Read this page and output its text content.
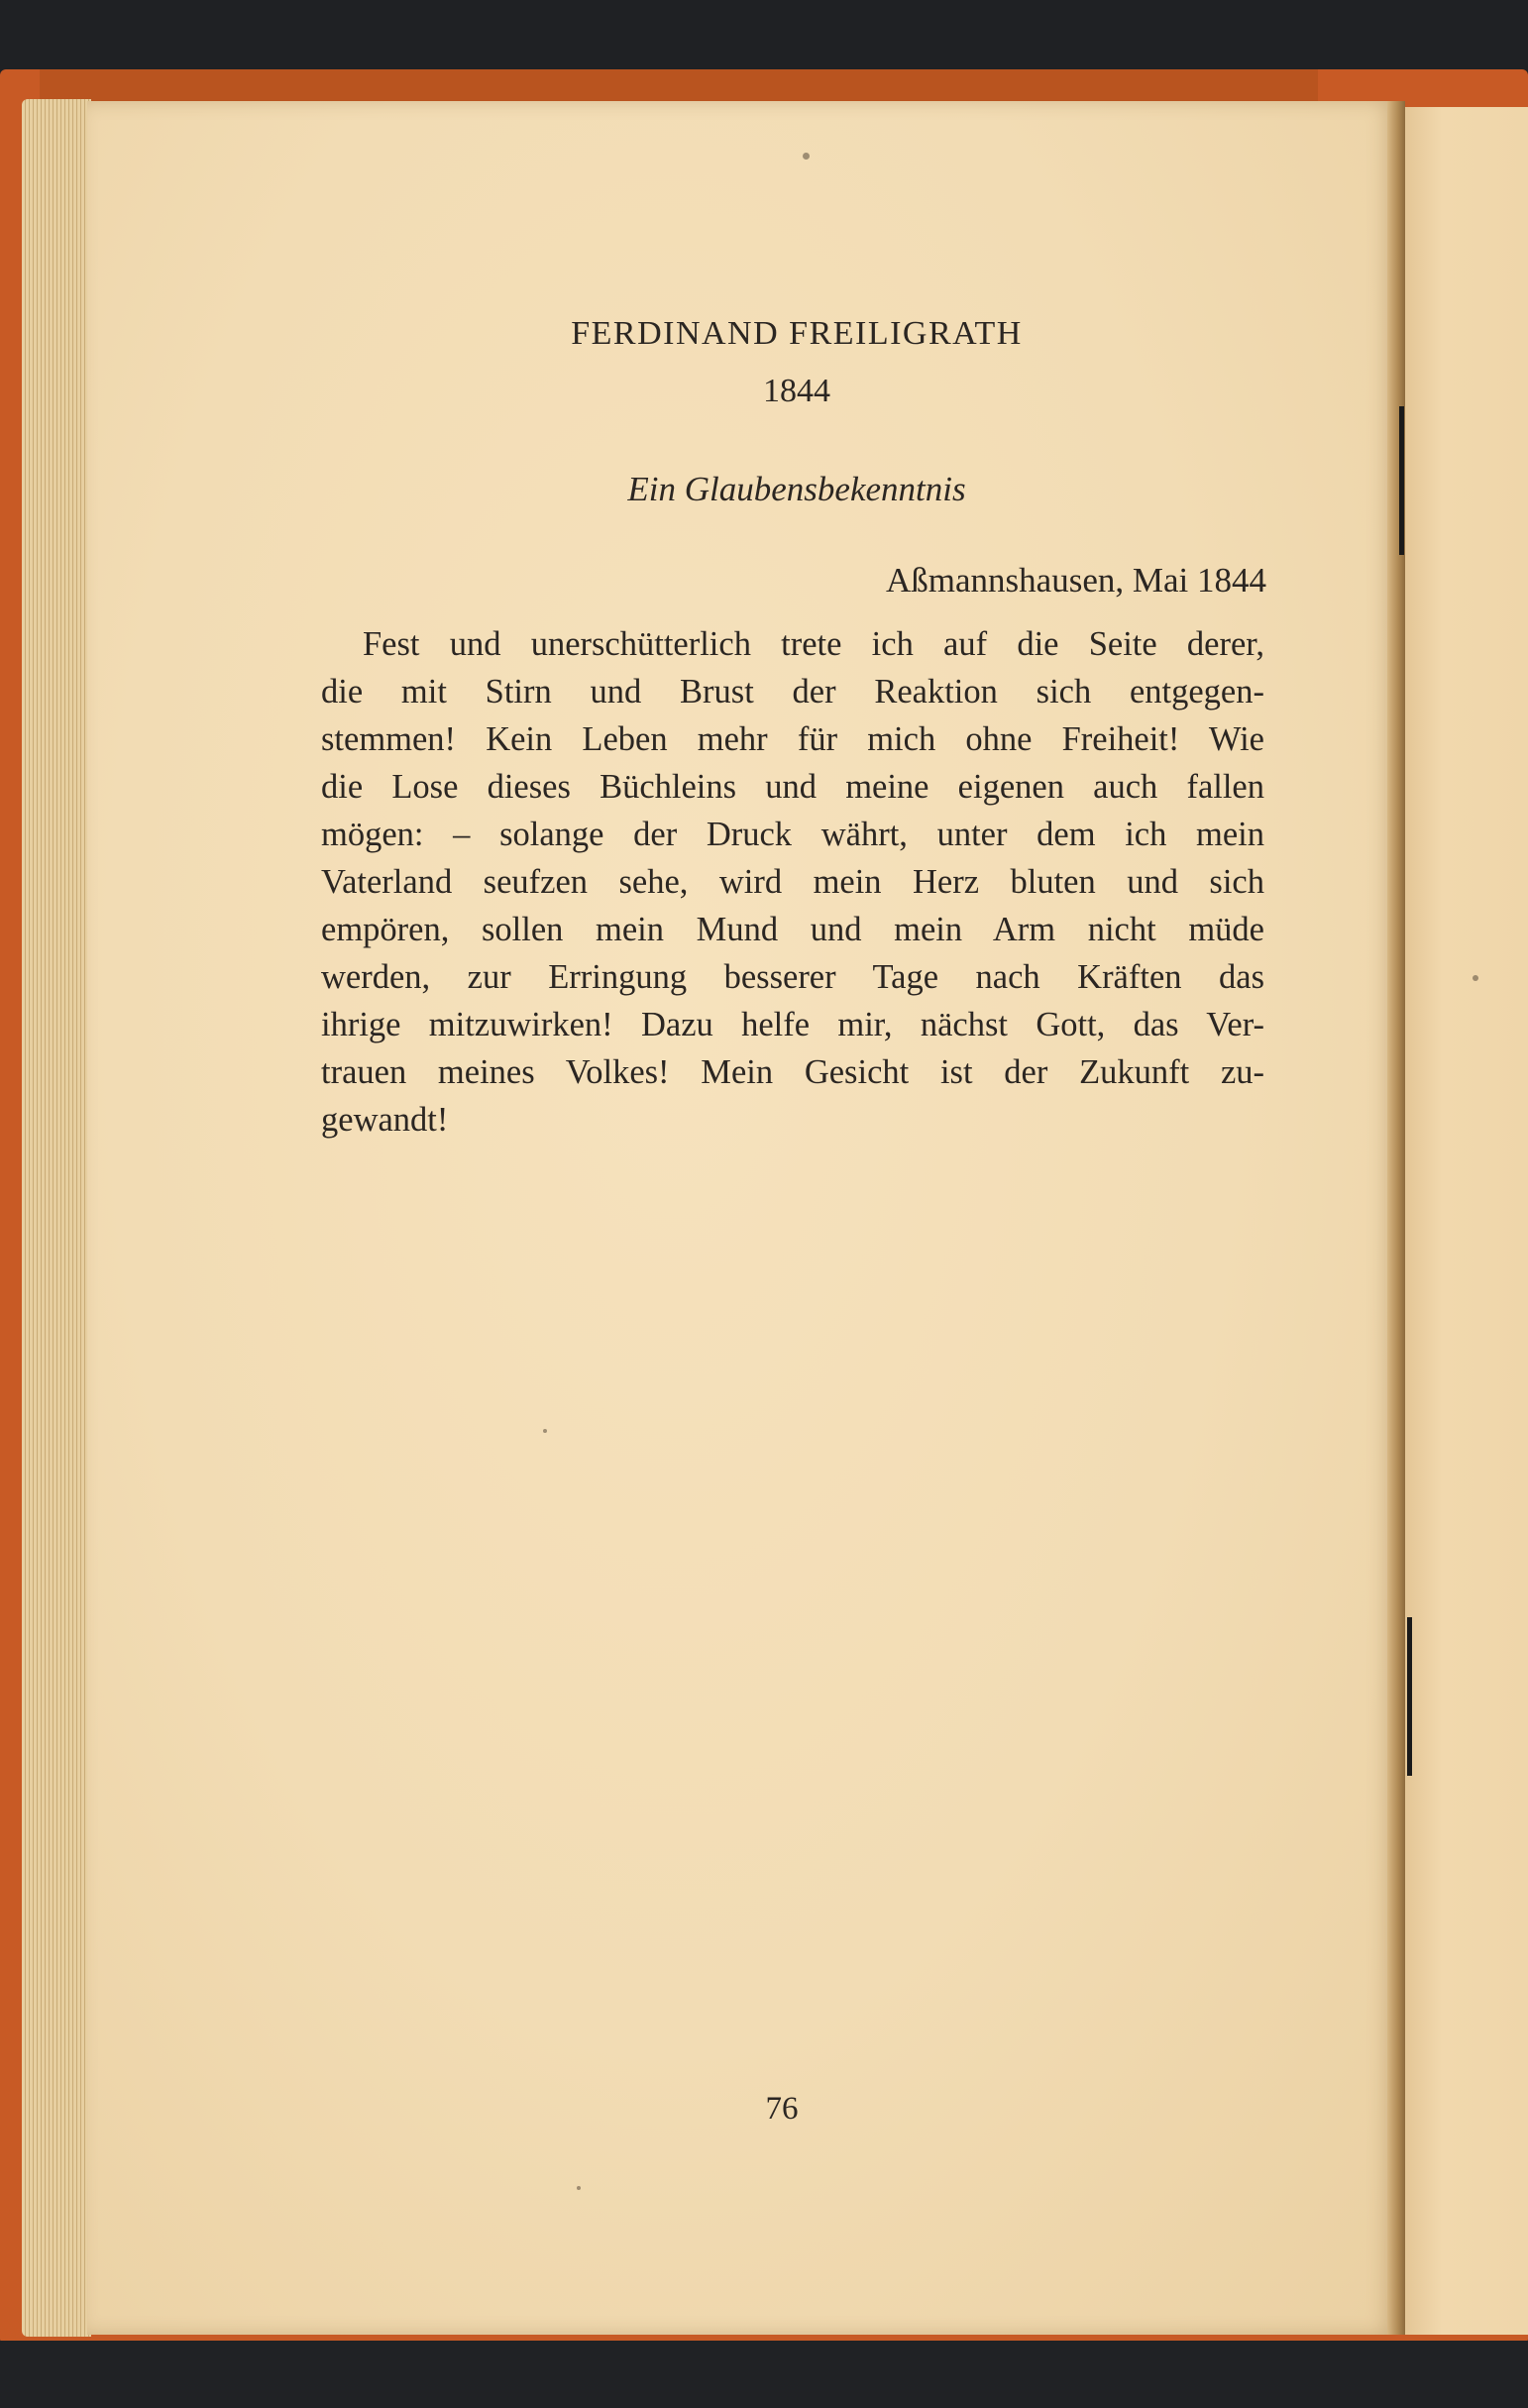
FERDINAND FREILIGRATH
1844
Ein Glaubensbekenntnis
Aßmannshausen, Mai 1844
Fest und unerschütterlich trete ich auf die Seite derer,
die mit Stirn und Brust der Reaktion sich entgegen-
stemmen! Kein Leben mehr für mich ohne Freiheit! Wie
die Lose dieses Büchleins und meine eigenen auch fallen
mögen: – solange der Druck währt, unter dem ich mein
Vaterland seufzen sehe, wird mein Herz bluten und sich
empören, sollen mein Mund und mein Arm nicht müde
werden, zur Erringung besserer Tage nach Kräften das
ihrige mitzuwirken! Dazu helfe mir, nächst Gott, das Ver-
trauen meines Volkes! Mein Gesicht ist der Zukunft zu-
gewandt!
76
